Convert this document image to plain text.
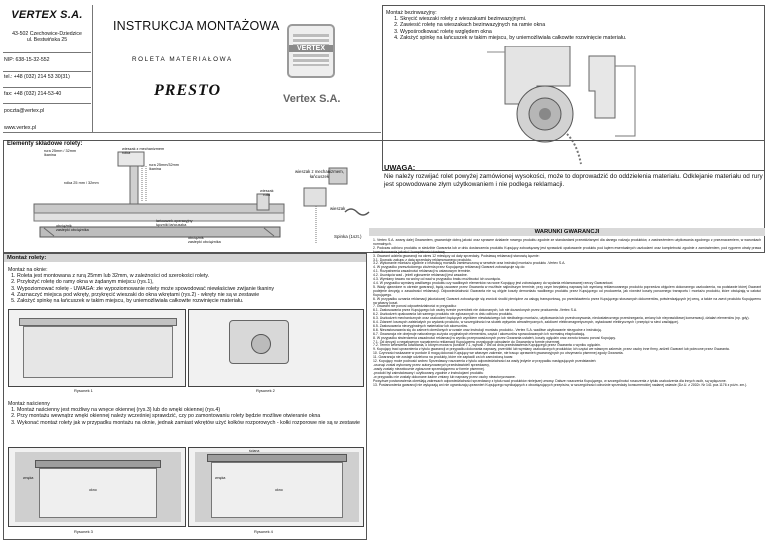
VERTEX S.A.
43-502 Czechowice-Dziedzice
ul. Bestwińska 25
NIP: 638-15-32-552
tel.: +48 (032) 214 53 30(31)
fax: +48 (032) 214-53-40
poczta@vertex.pl
www.vertex.pl
INSTRUKCJA MONTAŻOWA
ROLETA MATERIAŁOWA
PRESTO
VERTEX
Vertex S.A.
Montaż bezinwazyjny:
1. Skręcić wieszaki rolety z wieszakami bezinwazyjnymi.
2. Zawiesić roletę na wieszakach bezinwazyjnych na ramie okna
3. Wypośrodkować roletę względem okna
4. Założyć spinkę na łańcuszek w takim miejscu, by uniemożliwiała całkowite rozwinięcie materiału.
Elementy składowe rolety:
rura 25mm / 32mm
lkanina
wieszak z mechanizmem
rolka
rura 25mm/32mm
lkanina	wieszak z mechanizmem,
łańcuszek
rolka 25 mm / 32mm
wieszak
rolki
wieszak
obciążnik
zasłepki obciążnika
łańcuszek-operacyjny
łączniki łańcuszka
obciążnik
zasłepki obciążnika
Spinka (1szt.)
UWAGA:
Nie należy rozwijać rolet powyżej zamówionej wysokości, może to doprowadzić do oddzielenia materiału. Odklejanie materiału od rury jest spowodowane złym użytkowaniem i nie podlega reklamacji.
Montaż rolety:
Montaż na oknie:
1. Roleta jest montowana z rurą 25mm lub 32mm, w zależności od szerokości rolety.
2. Przyłożyć roletę do ramy okna w żądanym miejscu (rys.1),
3. Wypoziomować roletę - UWAGA: złe wypoziomowanie rolety może spowodować niewłaściwe zwijanie tkaniny
4. Zaznaczyć miejsca pod wkręty, przykręcić wieszaki do okna wkrętami (rys.2) - wkręty nie są w zestawie
5. Założyć spinkę na łańcuszek w takim miejscu, by uniemożliwiała całkowite rozwinięcie materiału.
Rysunek 1	Rysunek 2
Montaż naścienny
1. Montaż naścienny jest możliwy na wnęce okiennej (rys.3) lub do wnęki okiennej (rys.4)
2. Przy montażu wewnątrz wnęki okiennej należy wcześniej sprawdzić, czy po zamontowaniu rolety będzie możliwe otwieranie okna
3. Wykonać montaż rolety jak w przypadku montażu na oknie, jednak zamiast wkrętów użyć kołków rozporowych - kołki rozporowe nie są w zestawie
wnęka
okno
Rysunek 3
ściana
wnęka
okno
Rysunek 4
WARUNKI GWARANCJI

1. Vertex S.A. zwany dalej Gwarantem, gwarantuje dobrą jakość oraz sprawne działanie nowego produktu zgodnie ze standardami przewidzianymi dla danego rodzaju produktów, z zastrzeżeniem użytkowania zgodnego z przeznaczeniem, w warunkach normalnych.

2. Podczas odbioru produktu w siedzibie Gwaranta lub w dniu dostarczenia produktu Kupujący zobowiązany jest sprawdzić opakowanie produktu pod kątem ewentualnych uszkodzeń oraz kompletność zgodnie z zamówieniem, pod rygorem utraty prawa kwestionowania jakości i kompletności dostawy.

3. Gwarant udziela gwarancji na okres 12 miesięcy od daty sprzedaży. Podstawą reklamacji stanowią łącznie:

3.1. Dowodu zakupu z datą sprzedaży reklamowanego produktu.

3.2. Wykonanie montażu zgodnie z instrukcją montażu zamieszczoną w serwisie oraz instrukcji montażu produktu -Vertex S.A.

4. W przypadku przeszkolonego złożenia przez Kupującego reklamacji Gwarant zobowiązuje się do:

4.1. Rozpatrzenia zasadności reklamacji w ustawowym terminie.

4.2. Usunięcia wad - jeżeli zgłoszenie reklamacji jest zasadne.

4.3. Wymiany towaru na wolny od wad w przypadku braku możliwości ich usunięcia.

4.4. W przypadku wymiany wadliwego produktu czy wadliwych elementów na nowe Kupujący jest zobowiązany do wydania reklamowanej rzeczy Gwarantowi.

5. Wady ujawnione w okresie gwarancji, będą usuwane przez Gwaranta w możliwie najkrótszym terminie, przy czym bezpłatną naprawę lub wymianę reklamowanego produktu poprzedza objęciem dokonanego uszkodzenia, na podstawie której Gwarant podejmie decyzję o zasadności reklamacji. Odpowiedzialność Gwaranta nie są objęte koszty demontażu wadliwego produktu przez Kupującego od producenta, jak również koszty ponownego transportu i montażu produktu, które obciążają w całości Kupującego.

6. W przypadku uznania reklamacji jakościowej Gwarant zobowiązuje się zwrócić środki pieniężne za usługę transportową, po przedstawieniu przez Kupującego stosownych dokumentów, potwierdzających jej cenę, a także na zwrot produktu Kupującemu na własny koszt.

7. Gwarant nie ponosi odpowiedzialności w przypadku:

6.1. Zastosowania przez Kupującego lub osoby trzecie przeróbek nie dokonanych, lub nie dozwolonych przez producenta -Vertex S.A.

6.2. Uszkodzeń opakowania lub samego produktu nie zgłoszonych w dniu odbioru produktu.

6.3. Uszkodzeń mechanicznych oraz uszkodzeń będących wynikiem niewłaściwego lub niedbałego montażu, użytkowania lub przechowywania, niedostatecznego przestrzegania, zmiany lub nieprawidłowej konserwacji, działań elementów (np. gdy).

6.4. Zdarzeń losowych zaistniałych po wydaniu produktu, w szczególności na skutek wpływów atmosferycznych, zakłóceń elektromagnetycznych, wyładowań elektrycznych i przepięć w sieci zasilającej.

6.5. Zastosowania nieoryginalnych materiałów lub akcesoriów.

6.6. Niezastosowania się do zaleceń określonych w czasie oraz instrukcji montażu produktu - Vertex S.A. wadliwe użytkowanie niezgodne z instrukcją.

6.7. Gwarancja nie obejmuje naturalnego zużycia oryginalnych elementów, części i akcesoriów spowodowanych ich normalną eksploatacją.

8. W przypadku stwierdzenia zasadności reklamacji w wyniku przeprowadzonych przez Gwaranta ustaleń, koszty oględzin oraz zwrotu towaru ponosi Kupujący.

7.1. Od decyzji o negatywnym rozpatrzeniu reklamacji Kupującemu przysługuje odwołanie do Gwaranta w formie pisemnej.

7.2. Termin wniesienia odwołania, o którym mowa w punkcie 7.1, wynosi 7 dni od dnia przedstawienia Kupującego przez Gwaranta o wyniku oględzin.

9. Kupujący traci uprawnienia z tytułu gwarancji w przypadku dokonania naprawy, przeróbki lub wymiany uszkodzonych produktów, ich części we własnym zakresie, przez osoby inne firmy, aniżeli Gwarant lub polecone przez Gwaranta.

10. Czynności wskazane w punkcie 8 mogą dokonać Kupujący we własnym zakresie, nie tracąc uprawnień gwarancyjnych po otrzymaniu pisemnej zgody Gwaranta.

11. Gwarancja nie zostaje udzielona na produkty, które nie zapłacili za ich zamówioną towar.

12. Kupujący może podnosić wobec Sprzedawcy roszczenia z tytułu odpowiedzialności za wady jedynie w przypadku następujących przedstawień:

-usunąć został wykonany przez autoryzowanych przedstawicieli sprzedawcy,

-wady zostały niezwłocznie zgłoszone sprzedającemu w formie pisemnej.

-produkt był zainstalowany i użytkowany zgodnie z instrukcjami produktu

-w przypadku nie zostały dokonane żadne zmiany lub naprawy przez osoby nieautoryzowane.

Powyższe postanowienia określają zakresach odpowiedzialności sprzedawcy z tytułu wad produktów niniejszej umowy. Dalsze roszczenia Kupującego, w szczególności roszczenia z tytułu uszkodzenia dla innych osób, są wyłączone.

13. Postanowienia gwarancji nie wyłączają ani nie ograniczają uprawnień Kupującego wynikających z obowiązujących przepisów, w szczególności odnośnie sprzedaży konsumenckiej nadanej ustawie (Dz.U. z 2002r. Nr 141 poz.1176 z późn. zm.).
